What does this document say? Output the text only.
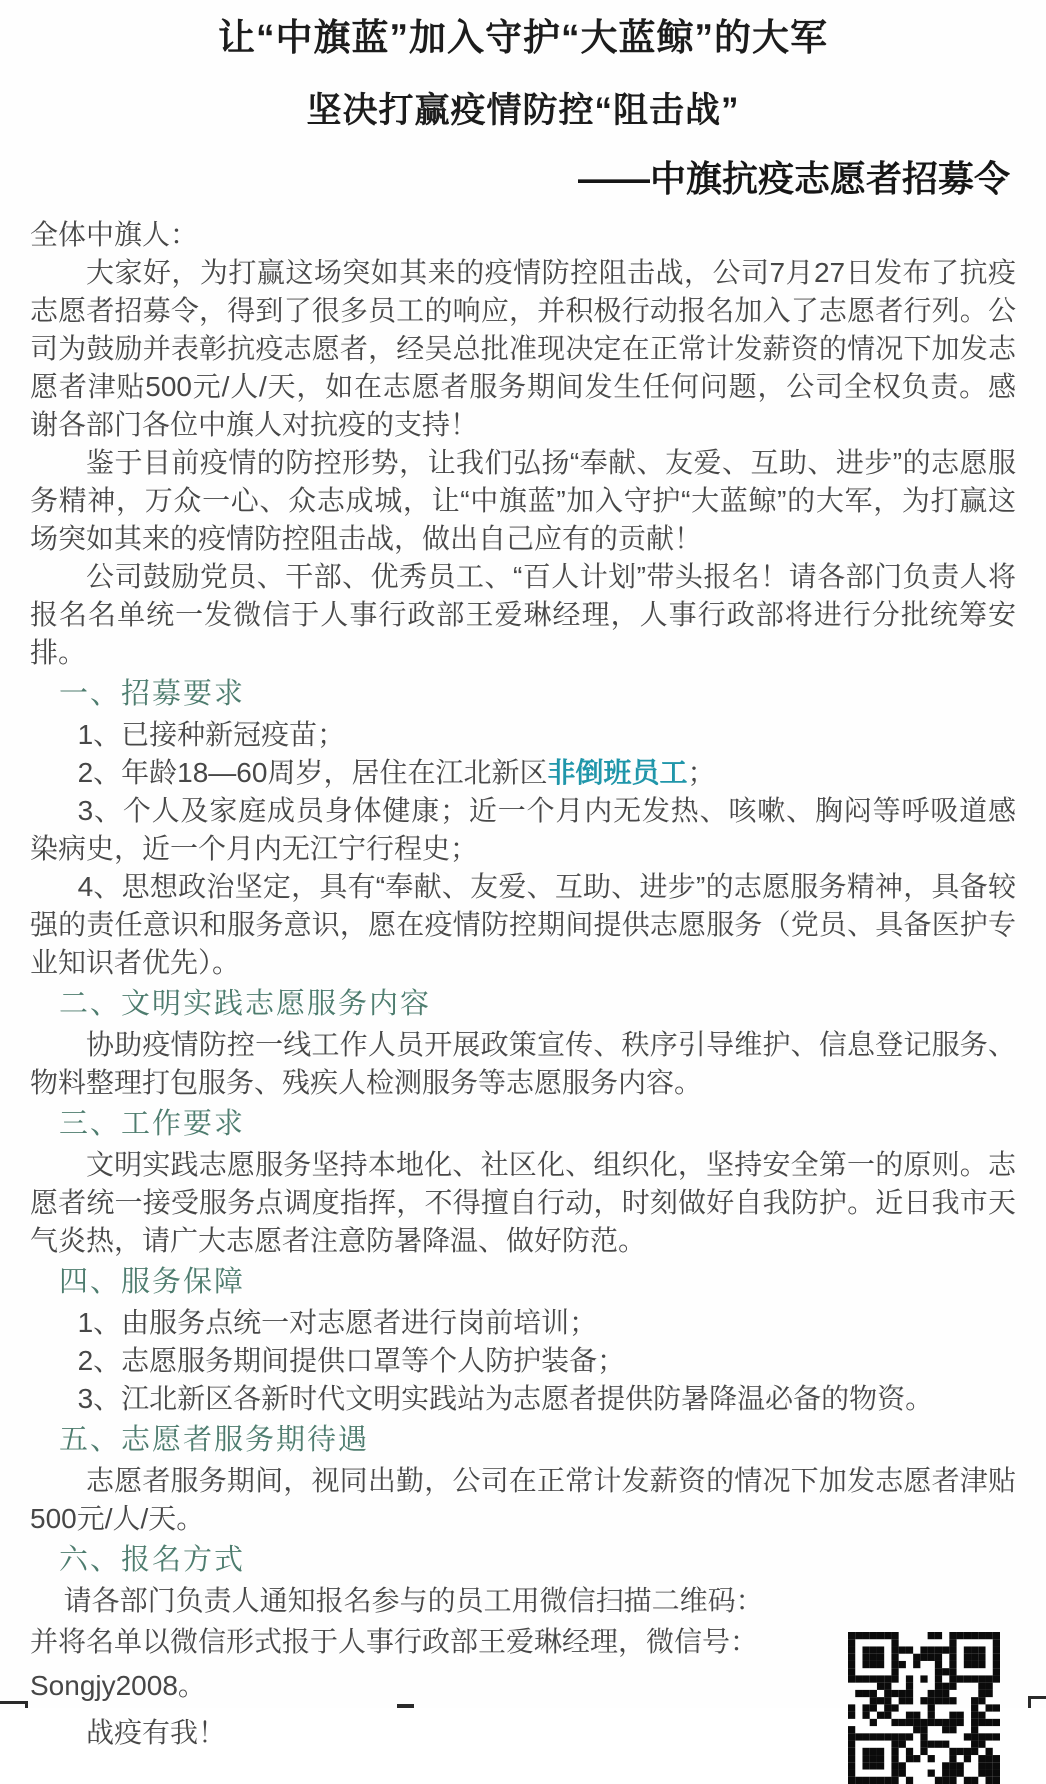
让“中旗蓝”加入守护“大蓝鲸”的大军
坚决打赢疫情防控“阻击战”
——中旗抗疫志愿者招募令

全体中旗人：

大家好，为打赢这场突如其来的疫情防控阻击战，公司7月27日发布了抗疫志愿者招募令，得到了很多员工的响应，并积极行动报名加入了志愿者行列。公司为鼓励并表彰抗疫志愿者，经吴总批准现决定在正常计发薪资的情况下加发志愿者津贴500元/人/天，如在志愿者服务期间发生任何问题，公司全权负责。感谢各部门各位中旗人对抗疫的支持！

鉴于目前疫情的防控形势，让我们弘扬“奉献、友爱、互助、进步”的志愿服务精神，万众一心、众志成城，让“中旗蓝”加入守护“大蓝鲸”的大军，为打赢这场突如其来的疫情防控阻击战，做出自己应有的贡献！

公司鼓励党员、干部、优秀员工、“百人计划”带头报名！请各部门负责人将报名名单统一发微信于人事行政部王爱琳经理，人事行政部将进行分批统筹安排。

一、招募要求

1、已接种新冠疫苗；

2、年龄18—60周岁，居住在江北新区非倒班员工；

3、个人及家庭成员身体健康；近一个月内无发热、咳嗽、胸闷等呼吸道感染病史，近一个月内无江宁行程史；

4、思想政治坚定，具有“奉献、友爱、互助、进步”的志愿服务精神，具备较强的责任意识和服务意识，愿在疫情防控期间提供志愿服务（党员、具备医护专业知识者优先）。

二、文明实践志愿服务内容

协助疫情防控一线工作人员开展政策宣传、秩序引导维护、信息登记服务、物料整理打包服务、残疾人检测服务等志愿服务内容。

三、工作要求

文明实践志愿服务坚持本地化、社区化、组织化，坚持安全第一的原则。志愿者统一接受服务点调度指挥，不得擅自行动，时刻做好自我防护。近日我市天气炎热，请广大志愿者注意防暑降温、做好防范。

四、服务保障

1、由服务点统一对志愿者进行岗前培训；

2、志愿服务期间提供口罩等个人防护装备；

3、江北新区各新时代文明实践站为志愿者提供防暑降温必备的物资。

五、志愿者服务期待遇

志愿者服务期间，视同出勤，公司在正常计发薪资的情况下加发志愿者津贴500元/人/天。

六、报名方式

请各部门负责人通知报名参与的员工用微信扫描二维码：

并将名单以微信形式报于人事行政部王爱琳经理，微信号：Songjy2008。

战疫有我！
